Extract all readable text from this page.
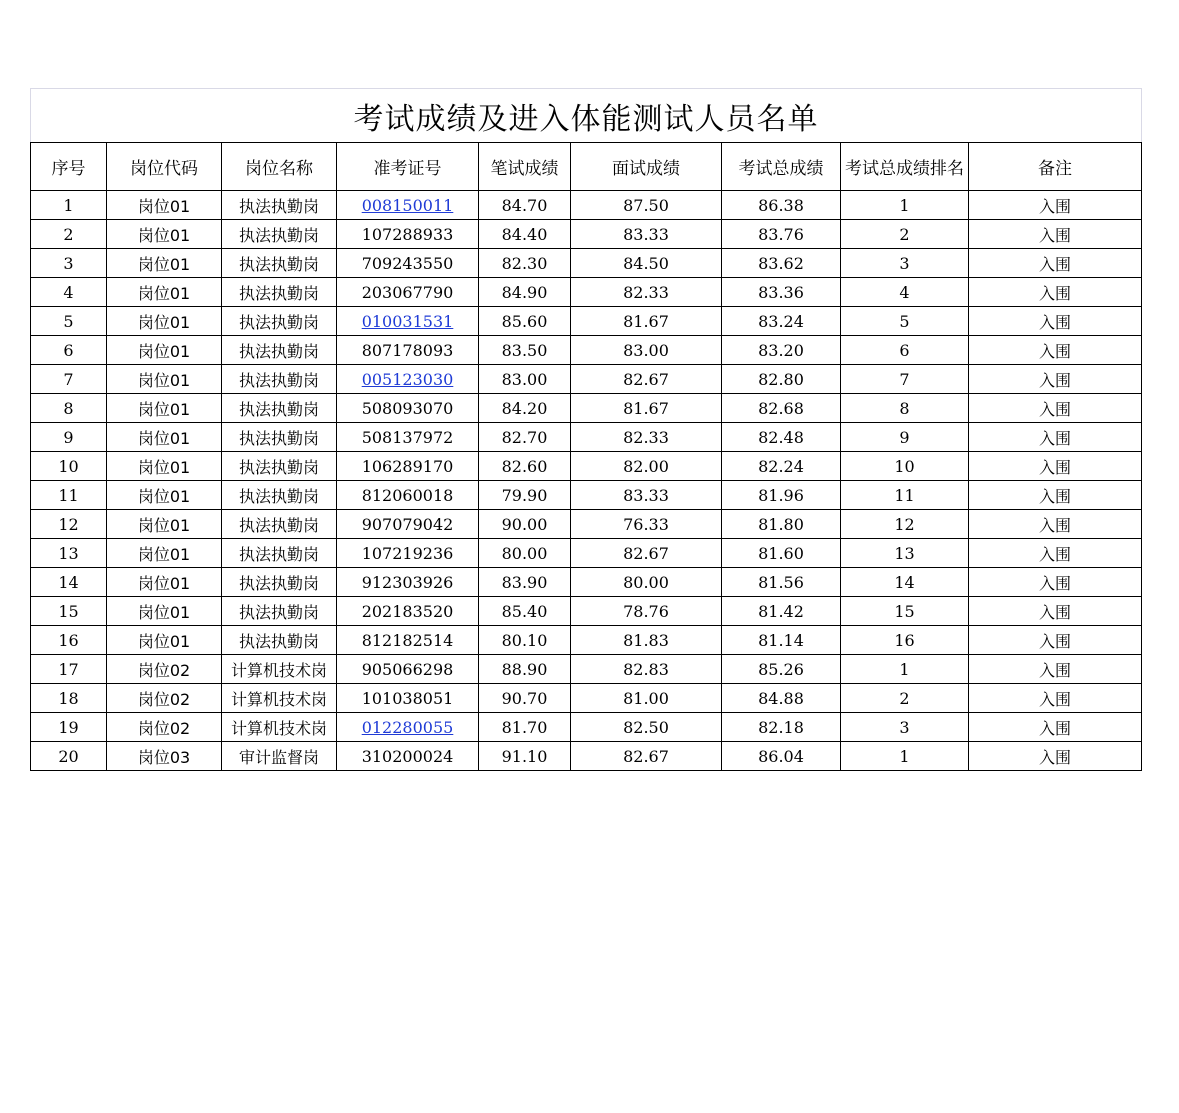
考试成绩及进入体能测试人员名单								
序号	岗位代码	岗位名称	准考证号	笔试成绩	面试成绩	考试总成绩	考试总成绩排名	备注
1	岗位01	执法执勤岗	008150011	84.70	87.50	86.38	1	入围
2	岗位01	执法执勤岗	107288933	84.40	83.33	83.76	2	入围
3	岗位01	执法执勤岗	709243550	82.30	84.50	83.62	3	入围
4	岗位01	执法执勤岗	203067790	84.90	82.33	83.36	4	入围
5	岗位01	执法执勤岗	010031531	85.60	81.67	83.24	5	入围
6	岗位01	执法执勤岗	807178093	83.50	83.00	83.20	6	入围
7	岗位01	执法执勤岗	005123030	83.00	82.67	82.80	7	入围
8	岗位01	执法执勤岗	508093070	84.20	81.67	82.68	8	入围
9	岗位01	执法执勤岗	508137972	82.70	82.33	82.48	9	入围
10	岗位01	执法执勤岗	106289170	82.60	82.00	82.24	10	入围
11	岗位01	执法执勤岗	812060018	79.90	83.33	81.96	11	入围
12	岗位01	执法执勤岗	907079042	90.00	76.33	81.80	12	入围
13	岗位01	执法执勤岗	107219236	80.00	82.67	81.60	13	入围
14	岗位01	执法执勤岗	912303926	83.90	80.00	81.56	14	入围
15	岗位01	执法执勤岗	202183520	85.40	78.76	81.42	15	入围
16	岗位01	执法执勤岗	812182514	80.10	81.83	81.14	16	入围
17	岗位02	计算机技术岗	905066298	88.90	82.83	85.26	1	入围
18	岗位02	计算机技术岗	101038051	90.70	81.00	84.88	2	入围
19	岗位02	计算机技术岗	012280055	81.70	82.50	82.18	3	入围
20	岗位03	审计监督岗	310200024	91.10	82.67	86.04	1	入围
